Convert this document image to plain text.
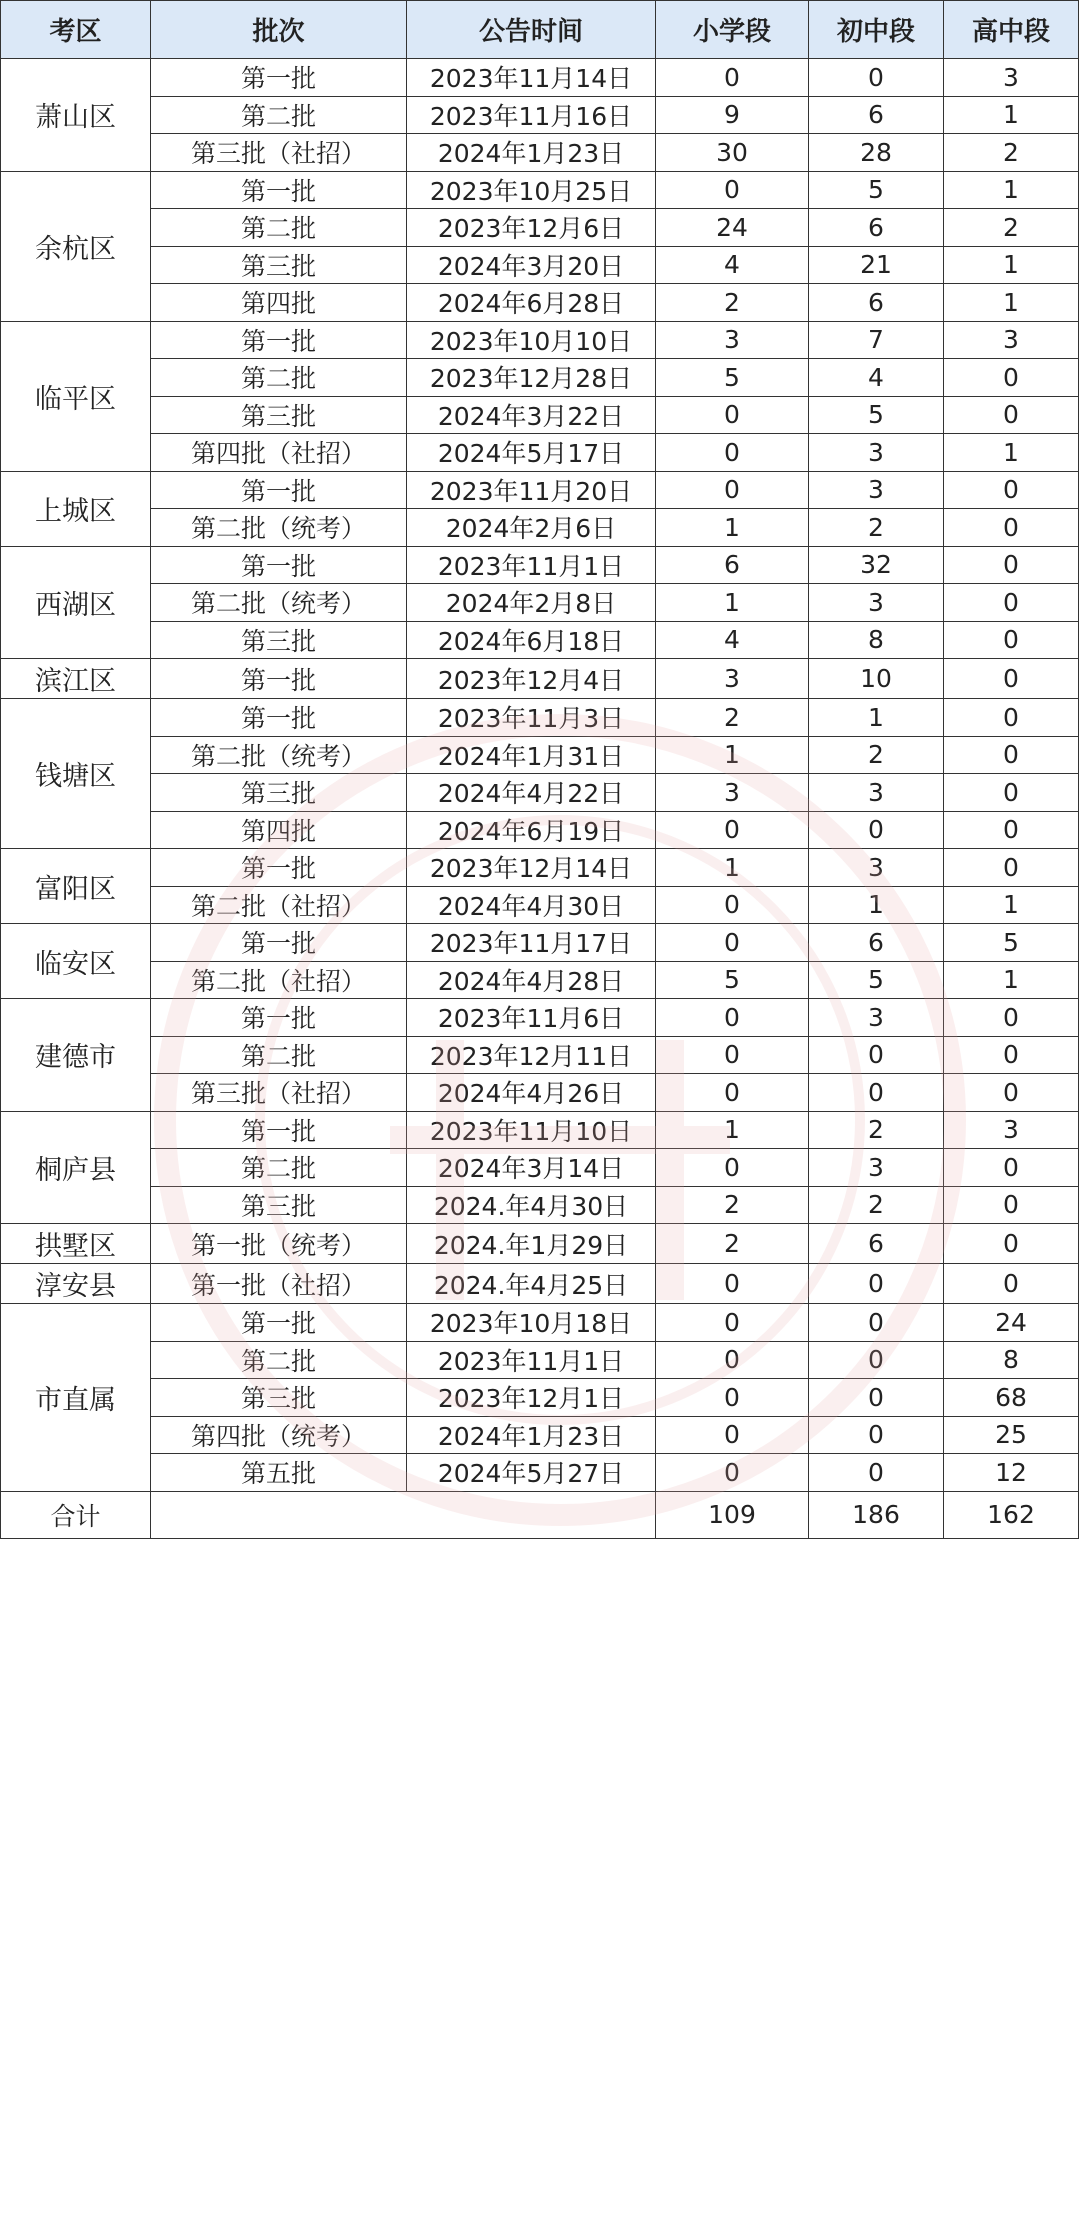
考区	批次	公告时间	小学段	初中段	高中段
萧山区	第一批	2023年11月14日	0	0	3
	第二批	2023年11月16日	9	6	1
	第三批（社招）	2024年1月23日	30	28	2
余杭区	第一批	2023年10月25日	0	5	1
	第二批	2023年12月6日	24	6	2
	第三批	2024年3月20日	4	21	1
	第四批	2024年6月28日	2	6	1
临平区	第一批	2023年10月10日	3	7	3
	第二批	2023年12月28日	5	4	0
	第三批	2024年3月22日	0	5	0
	第四批（社招）	2024年5月17日	0	3	1
上城区	第一批	2023年11月20日	0	3	0
	第二批（统考）	2024年2月6日	1	2	0
西湖区	第一批	2023年11月1日	6	32	0
	第二批（统考）	2024年2月8日	1	3	0
	第三批	2024年6月18日	4	8	0
滨江区	第一批	2023年12月4日	3	10	0
钱塘区	第一批	2023年11月3日	2	1	0
	第二批（统考）	2024年1月31日	1	2	0
	第三批	2024年4月22日	3	3	0
	第四批	2024年6月19日	0	0	0
富阳区	第一批	2023年12月14日	1	3	0
	第二批（社招）	2024年4月30日	0	1	1
临安区	第一批	2023年11月17日	0	6	5
	第二批（社招）	2024年4月28日	5	5	1
建德市	第一批	2023年11月6日	0	3	0
	第二批	2023年12月11日	0	0	0
	第三批（社招）	2024年4月26日	0	0	0
桐庐县	第一批	2023年11月10日	1	2	3
	第二批	2024年3月14日	0	3	0
	第三批	2024.年4月30日	2	2	0
拱墅区	第一批（统考）	2024.年1月29日	2	6	0
淳安县	第一批（社招）	2024.年4月25日	0	0	0
市直属	第一批	2023年10月18日	0	0	24
	第二批	2023年11月1日	0	0	8
	第三批	2023年12月1日	0	0	68
	第四批（统考）	2024年1月23日	0	0	25
	第五批	2024年5月27日	0	0	12
合计			109	186	162
